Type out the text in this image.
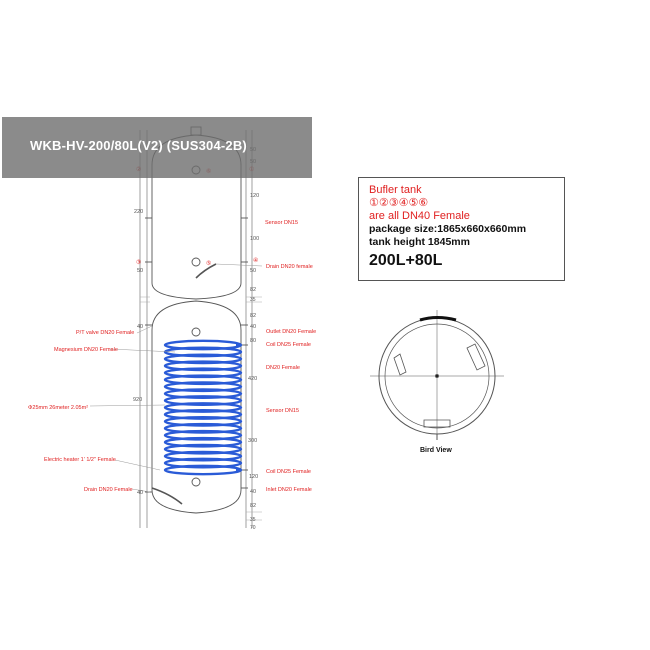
Sensor DN15
Drain DN20 female
P/T valve DN20 Female	Outlet DN20 Female
Magnesium DN20 Female
Coil DN25 Female
DN20 Female
Φ25mm 26meter 2.05m²	Sensor DN15
Electric heater 1' 1/2" Female
Coil DN25 Female
Drain DN20 Female	Inlet DN20 Female
③	④
⑤
220
50
40
920
40
120
100
50
82
35
82
40
80
420
300
120
40
82
35
70
Bird View
WKB-HV-200/80L(V2) (SUS304-2B)
Bufler tank
①②③④⑤⑥
are all DN40 Female
package size:1865x660x660mm
tank height 1845mm
200L+80L
